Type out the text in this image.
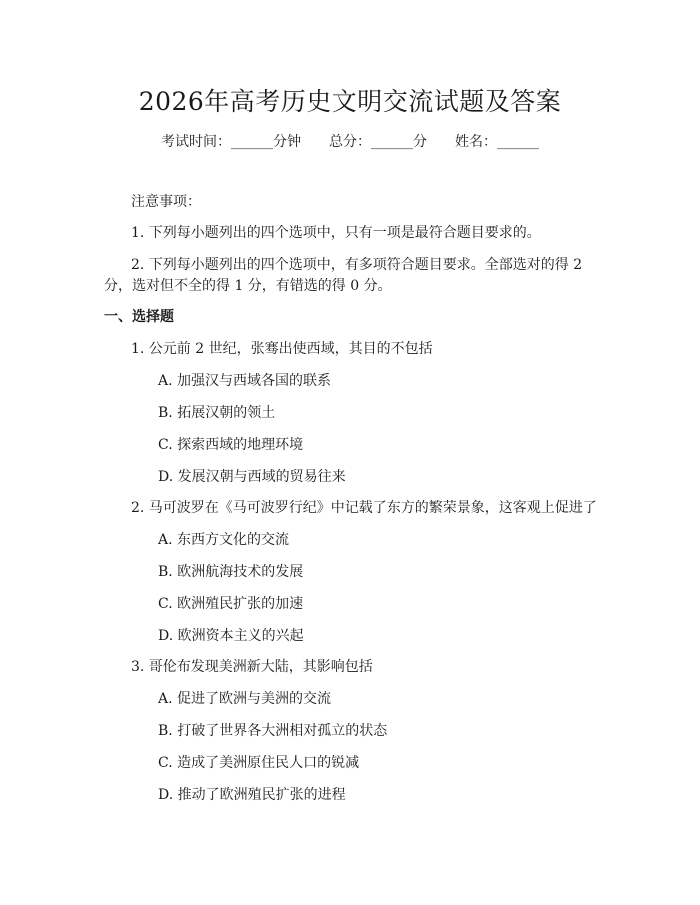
2026年高考历史文明交流试题及答案
考试时间：______分钟 总分：______分 姓名：______
注意事项：
1. 下列每小题列出的四个选项中，只有一项是最符合题目要求的。
2. 下列每小题列出的四个选项中，有多项符合题目要求。全部选对的得 2
分，选对但不全的得 1 分，有错选的得 0 分。
一、选择题
1. 公元前 2 世纪，张骞出使西域，其目的不包括
A. 加强汉与西域各国的联系
B. 拓展汉朝的领土
C. 探索西域的地理环境
D. 发展汉朝与西域的贸易往来
2. 马可波罗在《马可波罗行纪》中记载了东方的繁荣景象，这客观上促进了
A. 东西方文化的交流
B. 欧洲航海技术的发展
C. 欧洲殖民扩张的加速
D. 欧洲资本主义的兴起
3. 哥伦布发现美洲新大陆，其影响包括
A. 促进了欧洲与美洲的交流
B. 打破了世界各大洲相对孤立的状态
C. 造成了美洲原住民人口的锐减
D. 推动了欧洲殖民扩张的进程
